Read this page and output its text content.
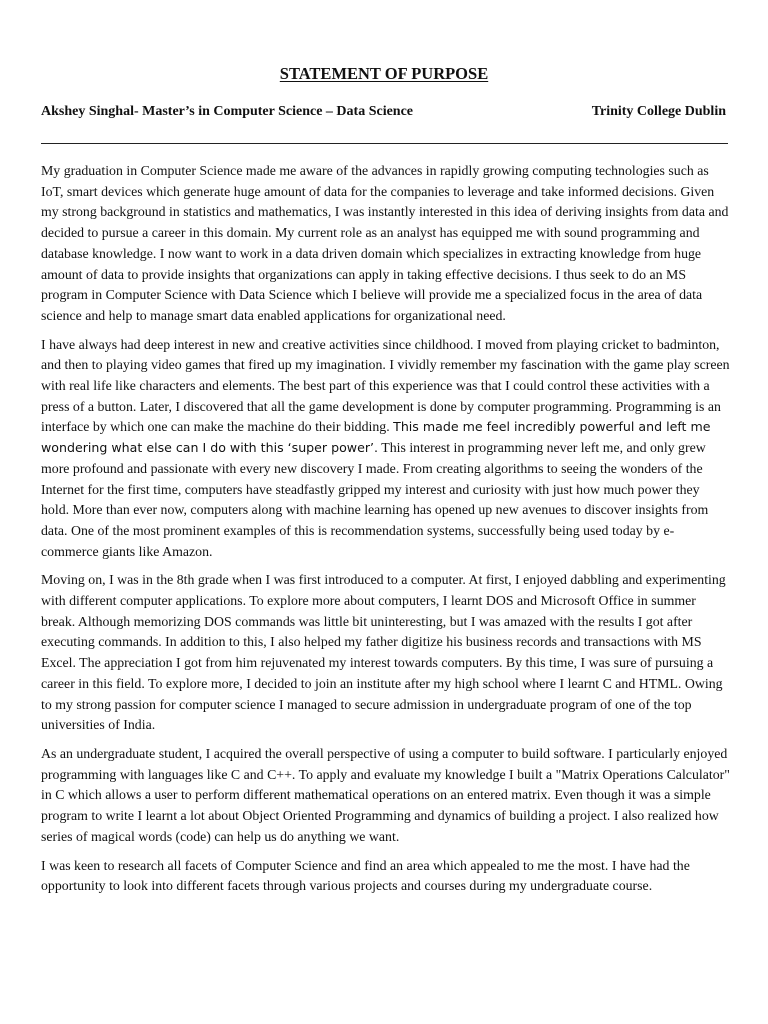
STATEMENT OF PURPOSE
Akshey Singhal- Master’s in Computer Science – Data Science	Trinity College Dublin

My graduation in Computer Science made me aware of the advances in rapidly growing computing technologies such as IoT, smart devices which generate huge amount of data for the companies to leverage and take informed decisions. Given my strong background in statistics and mathematics, I was instantly interested in this idea of deriving insights from data and decided to pursue a career in this domain. My current role as an analyst has equipped me with sound programming and database knowledge. I now want to work in a data driven domain which specializes in extracting knowledge from huge amount of data to provide insights that organizations can apply in taking effective decisions. I thus seek to do an MS program in Computer Science with Data Science which I believe will provide me a specialized focus in the area of data science and help to manage smart data enabled applications for organizational need.

I have always had deep interest in new and creative activities since childhood. I moved from playing cricket to badminton, and then to playing video games that fired up my imagination. I vividly remember my fascination with the game play screen with real life like characters and elements. The best part of this experience was that I could control these activities with a press of a button. Later, I discovered that all the game development is done by computer programming. Programming is an interface by which one can make the machine do their bidding. This made me feel incredibly powerful and left me wondering what else can I do with this ‘super power’. This interest in programming never left me, and only grew more profound and passionate with every new discovery I made. From creating algorithms to seeing the wonders of the Internet for the first time, computers have steadfastly gripped my interest and curiosity with just how much power they hold. More than ever now, computers along with machine learning has opened up new avenues to discover insights from data. One of the most prominent examples of this is recommendation systems, successfully being used today by e-commerce giants like Amazon.

Moving on, I was in the 8th grade when I was first introduced to a computer. At first, I enjoyed dabbling and experimenting with different computer applications. To explore more about computers, I learnt DOS and Microsoft Office in summer break. Although memorizing DOS commands was little bit uninteresting, but I was amazed with the results I got after executing commands. In addition to this, I also helped my father digitize his business records and transactions with MS Excel. The appreciation I got from him rejuvenated my interest towards computers. By this time, I was sure of pursuing a career in this field. To explore more, I decided to join an institute after my high school where I learnt C and HTML. Owing to my strong passion for computer science I managed to secure admission in undergraduate program of one of the top universities of India.

As an undergraduate student, I acquired the overall perspective of using a computer to build software. I particularly enjoyed programming with languages like C and C++. To apply and evaluate my knowledge I built a "Matrix Operations Calculator" in C which allows a user to perform different mathematical operations on an entered matrix. Even though it was a simple program to write I learnt a lot about Object Oriented Programming and dynamics of building a project. I also realized how series of magical words (code) can help us do anything we want.

I was keen to research all facets of Computer Science and find an area which appealed to me the most. I have had the opportunity to look into different facets through various projects and courses during my undergraduate course.
